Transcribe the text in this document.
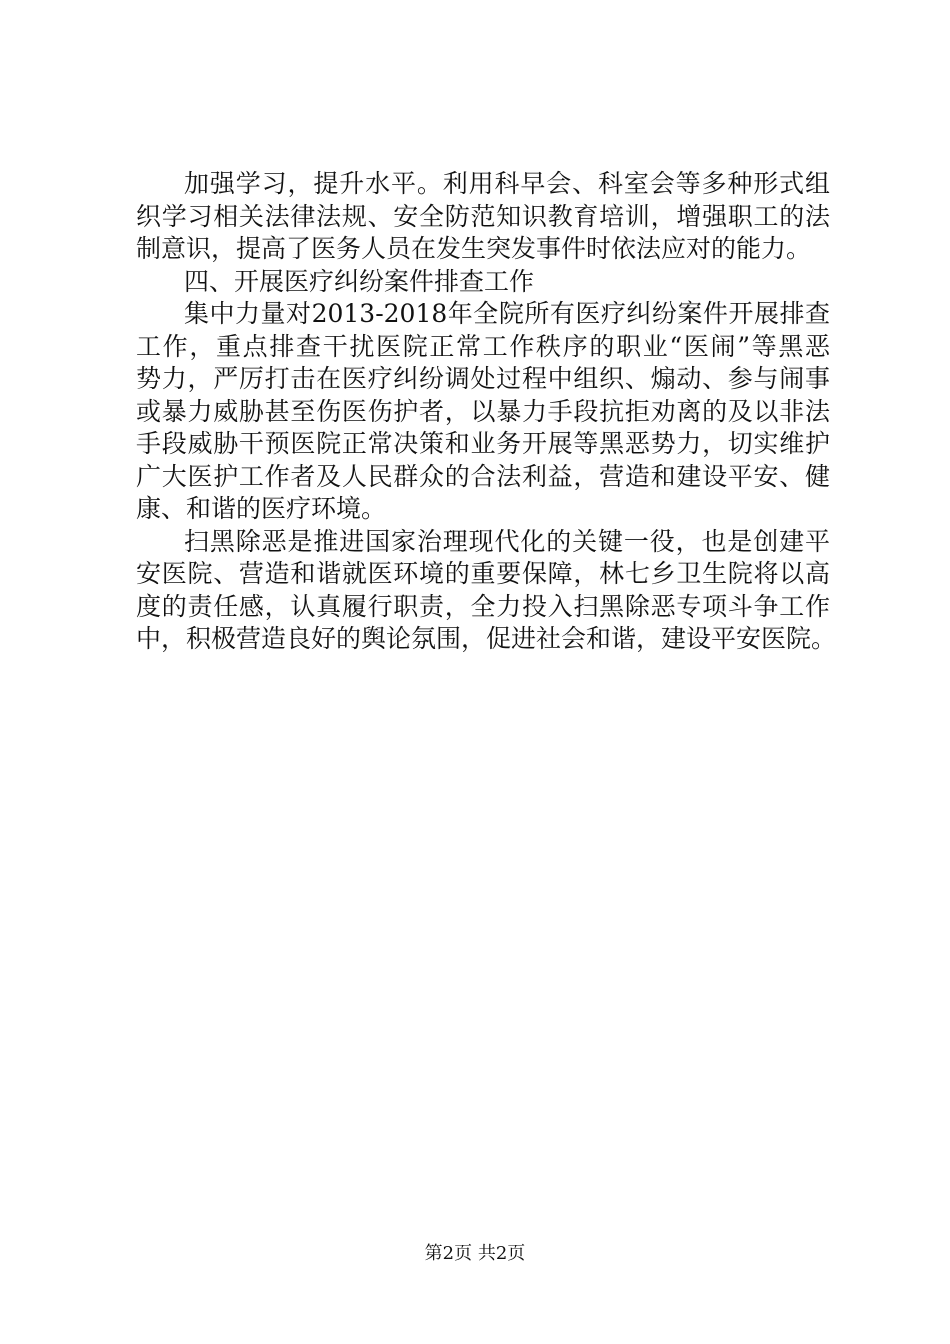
加强学习，提升水平。利用科早会、科室会等多种形式组
织学习相关法律法规、安全防范知识教育培训，增强职工的法
制意识，提高了医务人员在发生突发事件时依法应对的能力。
四、开展医疗纠纷案件排查工作
集中力量对2013-2018年全院所有医疗纠纷案件开展排查
工作，重点排查干扰医院正常工作秩序的职业“医闹”等黑恶
势力，严厉打击在医疗纠纷调处过程中组织、煽动、参与闹事
或暴力威胁甚至伤医伤护者，以暴力手段抗拒劝离的及以非法
手段威胁干预医院正常决策和业务开展等黑恶势力，切实维护
广大医护工作者及人民群众的合法利益，营造和建设平安、健
康、和谐的医疗环境。
扫黑除恶是推进国家治理现代化的关键一役，也是创建平
安医院、营造和谐就医环境的重要保障，林七乡卫生院将以高
度的责任感，认真履行职责，全力投入扫黑除恶专项斗争工作
中，积极营造良好的舆论氛围，促进社会和谐，建设平安医院。
第2页 共2页
